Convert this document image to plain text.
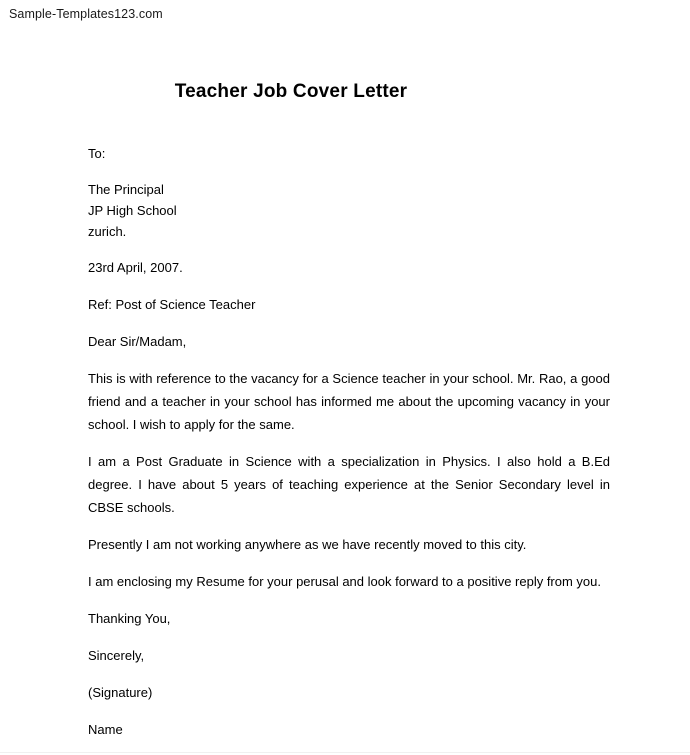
Sample-Templates123.com
Teacher Job Cover Letter
To:
The Principal
JP High School
zurich.
23rd April, 2007.
Ref: Post of Science Teacher
Dear Sir/Madam,

This is with reference to the vacancy for a Science teacher in your school. Mr. Rao, a good friend and a teacher in your school has informed me about the upcoming vacancy in your school. I wish to apply for the same.

I am a Post Graduate in Science with a specialization in Physics. I also hold a B.Ed degree. I have about 5 years of teaching experience at the Senior Secondary level in CBSE schools.

Presently I am not working anywhere as we have recently moved to this city.

I am enclosing my Resume for your perusal and look forward to a positive reply from you.

Thanking You,
Sincerely,
(Signature)
Name
